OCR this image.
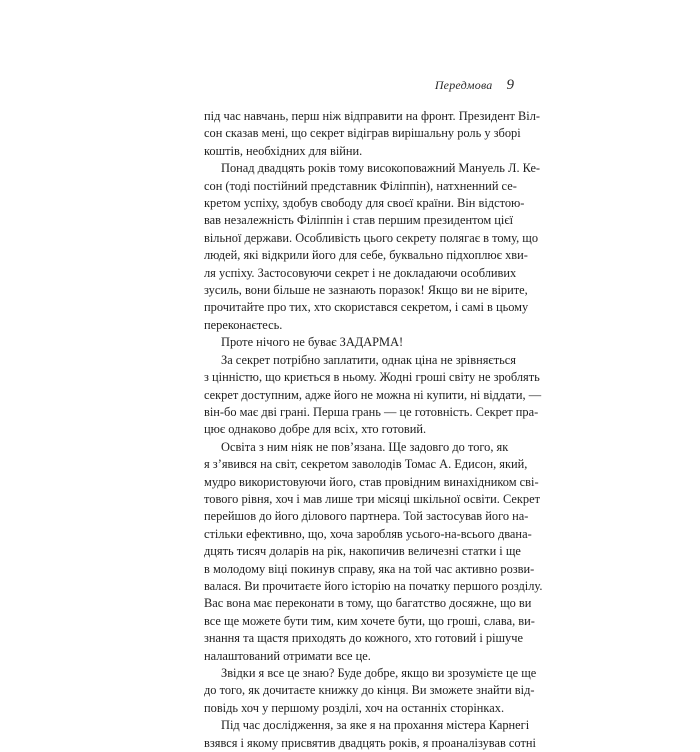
Передмова 9

під час навчань, перш ніж відправити на фронт. Президент Віл-
сон сказав мені, що секрет відіграв вирішальну роль у зборі
коштів, необхідних для війни.

Понад двадцять років тому високоповажний Мануель Л. Ке-
сон (тоді постійний представник Філіппін), натхненний се-
кретом успіху, здобув свободу для своєї країни. Він відстою-
вав незалежність Філіппін і став першим президентом цієї
вільної держави. Особливість цього секрету полягає в тому, що
людей, які відкрили його для себе, буквально підхоплює хви-
ля успіху. Застосовуючи секрет і не докладаючи особливих
зусиль, вони більше не зазнають поразок! Якщо ви не вірите,
прочитайте про тих, хто скористався секретом, і самі в цьому
переконаєтесь.

Проте нічого не буває ЗАДАРМА!

За секрет потрібно заплатити, однак ціна не зрівняється
з цінністю, що криється в ньому. Жодні гроші світу не зроблять
секрет доступним, адже його не можна ні купити, ні віддати, —
він-бо має дві грані. Перша грань — це готовність. Секрет пра-
цює однаково добре для всіх, хто готовий.

Освіта з ним ніяк не пов’язана. Ще задовго до того, як
я з’явився на світ, секретом заволодів Томас А. Едисон, який,
мудро використовуючи його, став провідним винахідником сві-
тового рівня, хоч і мав лише три місяці шкільної освіти. Секрет
перейшов до його ділового партнера. Той застосував його на-
стільки ефективно, що, хоча заробляв усього-на-всього двана-
дцять тисяч доларів на рік, накопичив величезні статки і ще
в молодому віці покинув справу, яка на той час активно розви-
валася. Ви прочитаєте його історію на початку першого розділу.
Вас вона має переконати в тому, що багатство досяжне, що ви
все ще можете бути тим, ким хочете бути, що гроші, слава, ви-
знання та щастя приходять до кожного, хто готовий і рішуче
налаштований отримати все це.

Звідки я все це знаю? Буде добре, якщо ви зрозумієте це ще
до того, як дочитаєте книжку до кінця. Ви зможете знайти від-
повідь хоч у першому розділі, хоч на останніх сторінках.

Під час дослідження, за яке я на прохання містера Карнегі
взявся і якому присвятив двадцять років, я проаналізував сотні
